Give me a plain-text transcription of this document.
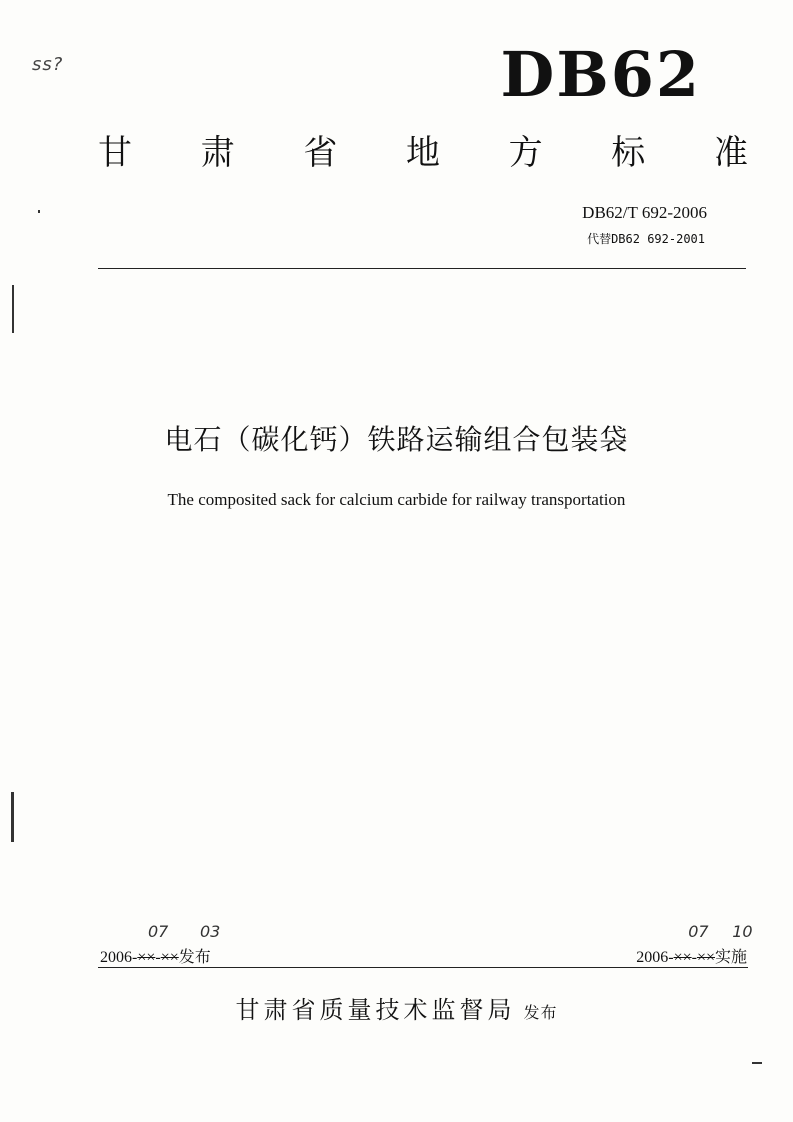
ss?	DB62
甘 肃 省 地 方 标 准
DB62/T 692-2006
代替DB62 692-2001
电石（碳化钙）铁路运输组合包装袋
The composited sack for calcium carbide for railway transportation
07 03
2006-××-××发布
07 10
2006-××-××实施
甘肃省质量技术监督局 发布
